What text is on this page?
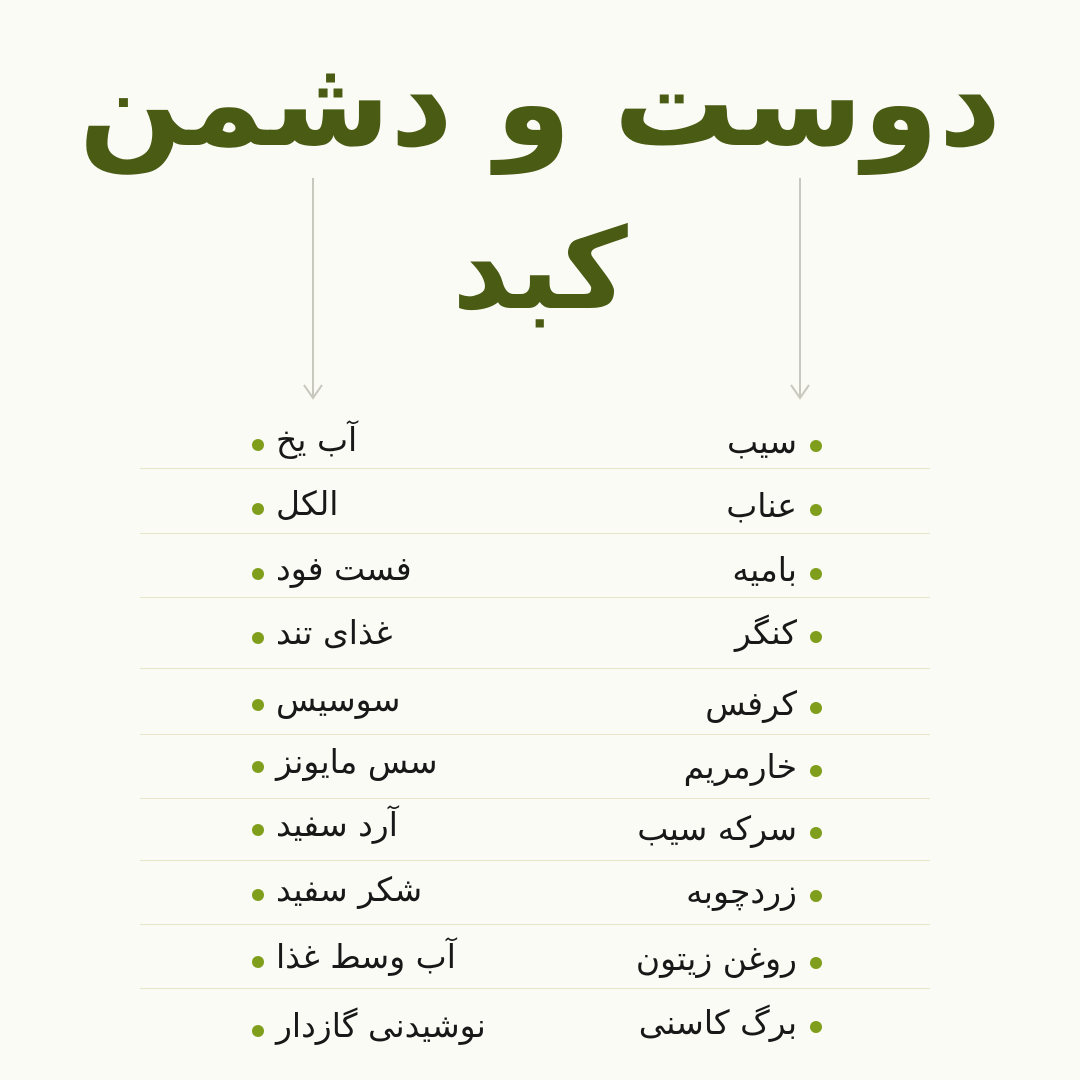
دوست و دشمن
کبد
سیب
عناب
بامیه
کنگر
کرفس
خارمریم
سرکه سیب
زردچوبه
روغن زیتون
برگ کاسنی
آب یخ
الکل
فست فود
غذای تند
سوسیس
سس مایونز
آرد سفید
شکر سفید
آب وسط غذا
نوشیدنی گازدار
